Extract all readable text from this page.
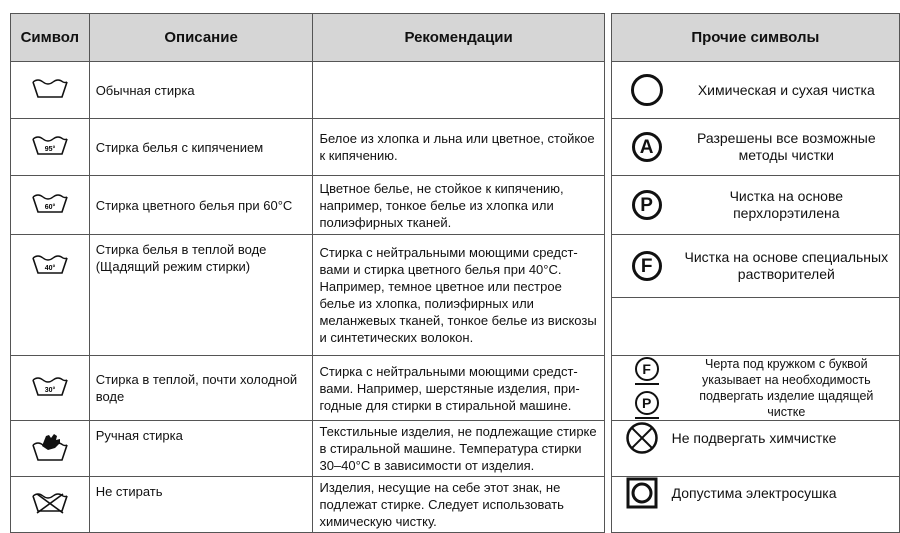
Символ	Описание	Рекомендации		Прочие символы
	Обычная стирка			Химическая и сухая чистка

95°	Стирка белья с кипячением	Белое из хлопка и льна или цветное, стойкое к кипячению.		A Разрешены все возможные методы чистки

60°	Стирка цветного белья при 60°С	Цветное белье, не стойкое к кипячению, например, тонкое белье из хлопка или полиэфирных тканей.		P Чистка на основе перхлорэтилена

40°	Стирка белья в теплой воде (Щадящий режим стирки)	Стирка с нейтральными моющими средст-вами и стирка цветного белья при 40°С. Например, темное цветное или пестрое белье из хлопка, полиэфирных или меланжевых тканей, тонкое белье из вискозы и синтетических волокон.		F Чистка на основе специальных растворителей

30°	Стирка в теплой, почти холодной воде	Стирка с нейтральными моющими средст-вами. Например, шерстяные изделия, при-годные для стирки в стиральной машине.		F
P
Черта под кружком с буквой указывает на необходимость подвергать изделие щадящей чистке

	Ручная стирка	Текстильные изделия, не подлежащие стирке в стиральной машине. Температура стирки 30–40°С в зависимости от изделия.		Не подвергать химчистке

	Не стирать	Изделия, несущие на себе этот знак, не подлежат стирке. Следует использовать химическую чистку.		Допустима электросушка
